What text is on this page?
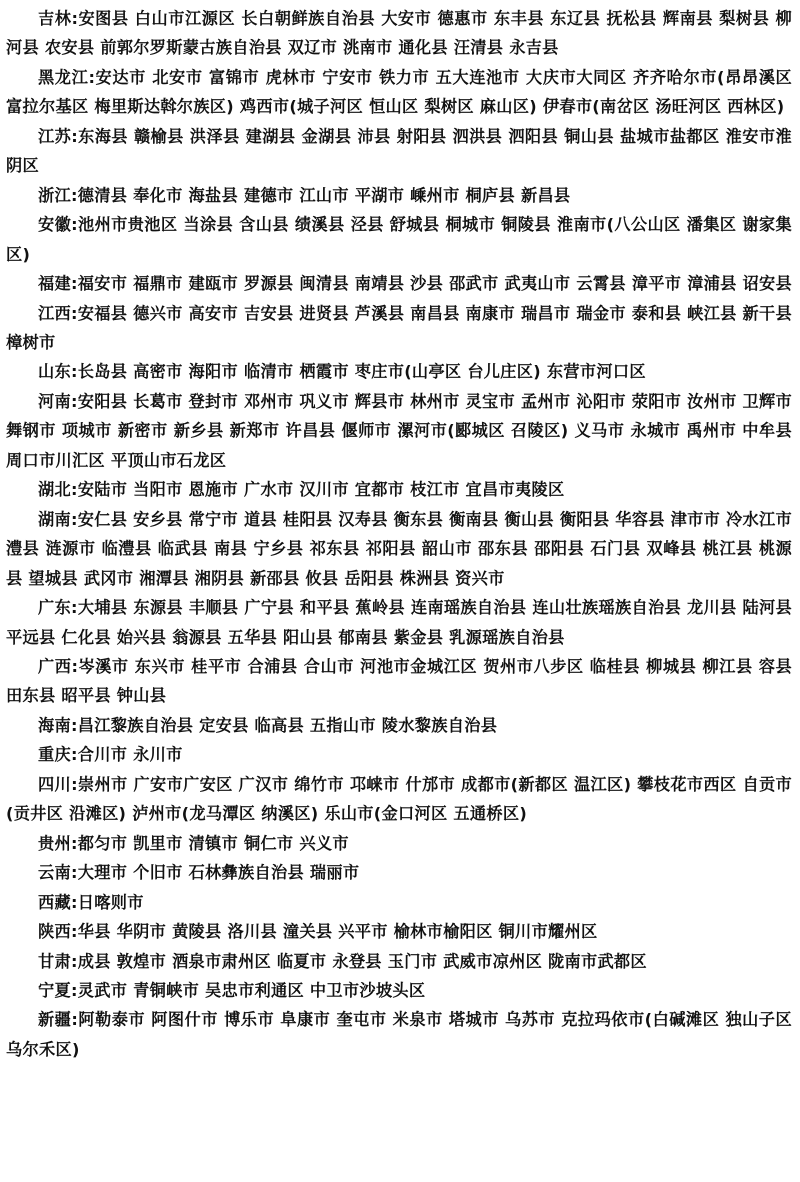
吉林:安图县 白山市江源区 长白朝鲜族自治县 大安市 德惠市 东丰县 东辽县 抚松县 辉南县 梨树县 柳河县 农安县 前郭尔罗斯蒙古族自治县 双辽市 洮南市 通化县 汪清县 永吉县

黑龙江:安达市 北安市 富锦市 虎林市 宁安市 铁力市 五大连池市 大庆市大同区 齐齐哈尔市(昂昂溪区 富拉尔基区 梅里斯达斡尔族区) 鸡西市(城子河区 恒山区 梨树区 麻山区) 伊春市(南岔区 汤旺河区 西林区)

江苏:东海县 赣榆县 洪泽县 建湖县 金湖县 沛县 射阳县 泗洪县 泗阳县 铜山县 盐城市盐都区 淮安市淮阴区

浙江:德清县 奉化市 海盐县 建德市 江山市 平湖市 嵊州市 桐庐县 新昌县

安徽:池州市贵池区 当涂县 含山县 绩溪县 泾县 舒城县 桐城市 铜陵县 淮南市(八公山区 潘集区 谢家集区)

福建:福安市 福鼎市 建瓯市 罗源县 闽清县 南靖县 沙县 邵武市 武夷山市 云霄县 漳平市 漳浦县 诏安县

江西:安福县 德兴市 高安市 吉安县 进贤县 芦溪县 南昌县 南康市 瑞昌市 瑞金市 泰和县 峡江县 新干县 樟树市

山东:长岛县 高密市 海阳市 临清市 栖霞市 枣庄市(山亭区 台儿庄区) 东营市河口区

河南:安阳县 长葛市 登封市 邓州市 巩义市 辉县市 林州市 灵宝市 孟州市 沁阳市 荥阳市 汝州市 卫辉市 舞钢市 项城市 新密市 新乡县 新郑市 许昌县 偃师市 漯河市(郾城区 召陵区) 义马市 永城市 禹州市 中牟县 周口市川汇区 平顶山市石龙区

湖北:安陆市 当阳市 恩施市 广水市 汉川市 宜都市 枝江市 宜昌市夷陵区

湖南:安仁县 安乡县 常宁市 道县 桂阳县 汉寿县 衡东县 衡南县 衡山县 衡阳县 华容县 津市市 冷水江市 澧县 涟源市 临澧县 临武县 南县 宁乡县 祁东县 祁阳县 韶山市 邵东县 邵阳县 石门县 双峰县 桃江县 桃源县 望城县 武冈市 湘潭县 湘阴县 新邵县 攸县 岳阳县 株洲县 资兴市

广东:大埔县 东源县 丰顺县 广宁县 和平县 蕉岭县 连南瑶族自治县 连山壮族瑶族自治县 龙川县 陆河县 平远县 仁化县 始兴县 翁源县 五华县 阳山县 郁南县 紫金县 乳源瑶族自治县

广西:岑溪市 东兴市 桂平市 合浦县 合山市 河池市金城江区 贺州市八步区 临桂县 柳城县 柳江县 容县 田东县 昭平县 钟山县

海南:昌江黎族自治县 定安县 临高县 五指山市 陵水黎族自治县

重庆:合川市 永川市

四川:崇州市 广安市广安区 广汉市 绵竹市 邛崃市 什邡市 成都市(新都区 温江区) 攀枝花市西区 自贡市(贡井区 沿滩区) 泸州市(龙马潭区 纳溪区) 乐山市(金口河区 五通桥区)

贵州:都匀市 凯里市 清镇市 铜仁市 兴义市

云南:大理市 个旧市 石林彝族自治县 瑞丽市

西藏:日喀则市

陕西:华县 华阴市 黄陵县 洛川县 潼关县 兴平市 榆林市榆阳区 铜川市耀州区

甘肃:成县 敦煌市 酒泉市肃州区 临夏市 永登县 玉门市 武威市凉州区 陇南市武都区

宁夏:灵武市 青铜峡市 吴忠市利通区 中卫市沙坡头区

新疆:阿勒泰市 阿图什市 博乐市 阜康市 奎屯市 米泉市 塔城市 乌苏市 克拉玛依市(白碱滩区 独山子区 乌尔禾区)
